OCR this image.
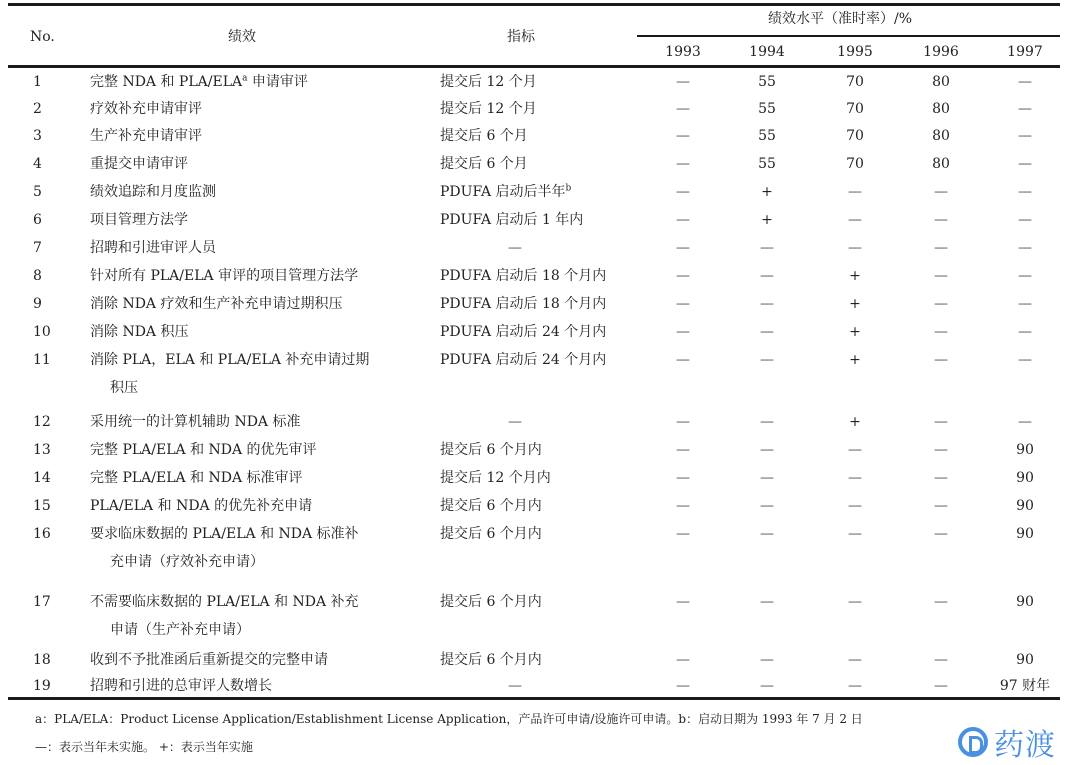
No.	绩效	指标
绩效水平（准时率）/%
1993	1994	1995	1996	1997
1	完整 NDA 和 PLA/ELA$^a$ 申请审评	提交后 12 个月	—	55	70	80	—
2	疗效补充申请审评	提交后 12 个月	—	55	70	80	—
3	生产补充申请审评	提交后 6 个月	—	55	70	80	—
4	重提交申请审评	提交后 6 个月	—	55	70	80	—
5	绩效追踪和月度监测	PDUFA 启动后半年$^b$	—	+	—	—	—
6	项目管理方法学	PDUFA 启动后 1 年内	—	+	—	—	—
7	招聘和引进审评人员	—	—	—	—	—	—
8	针对所有 PLA/ELA 审评的项目管理方法学	PDUFA 启动后 18 个月内	—	—	+	—	—
9	消除 NDA 疗效和生产补充申请过期积压	PDUFA 启动后 18 个月内	—	—	+	—	—
10	消除 NDA 积压	PDUFA 启动后 24 个月内	—	—	+	—	—
11	消除 PLA，ELA 和 PLA/ELA 补充申请过期
积压
PDUFA 启动后 24 个月内	—	—	+	—	—
12	采用统一的计算机辅助 NDA 标准	—	—	—	+	—	—
13	完整 PLA/ELA 和 NDA 的优先审评	提交后 6 个月内	—	—	—	—	90
14	完整 PLA/ELA 和 NDA 标准审评	提交后 12 个月内	—	—	—	—	90
15	PLA/ELA 和 NDA 的优先补充申请	提交后 6 个月内	—	—	—	—	90
16	要求临床数据的 PLA/ELA 和 NDA 标准补
充申请（疗效补充申请）
提交后 6 个月内	—	—	—	—	90
17	不需要临床数据的 PLA/ELA 和 NDA 补充
申请（生产补充申请）
提交后 6 个月内	—	—	—	—	90
18	收到不予批准函后重新提交的完整申请	提交后 6 个月内	—	—	—	—	90
19	招聘和引进的总审评人数增长	—	—	—	—	—	97 财年
a：PLA/ELA：Product License Application/Establishment License Application，产品许可申请/设施许可申请。b：启动日期为 1993 年 7 月 2 日
—：表示当年未实施。 +：表示当年实施	药渡
